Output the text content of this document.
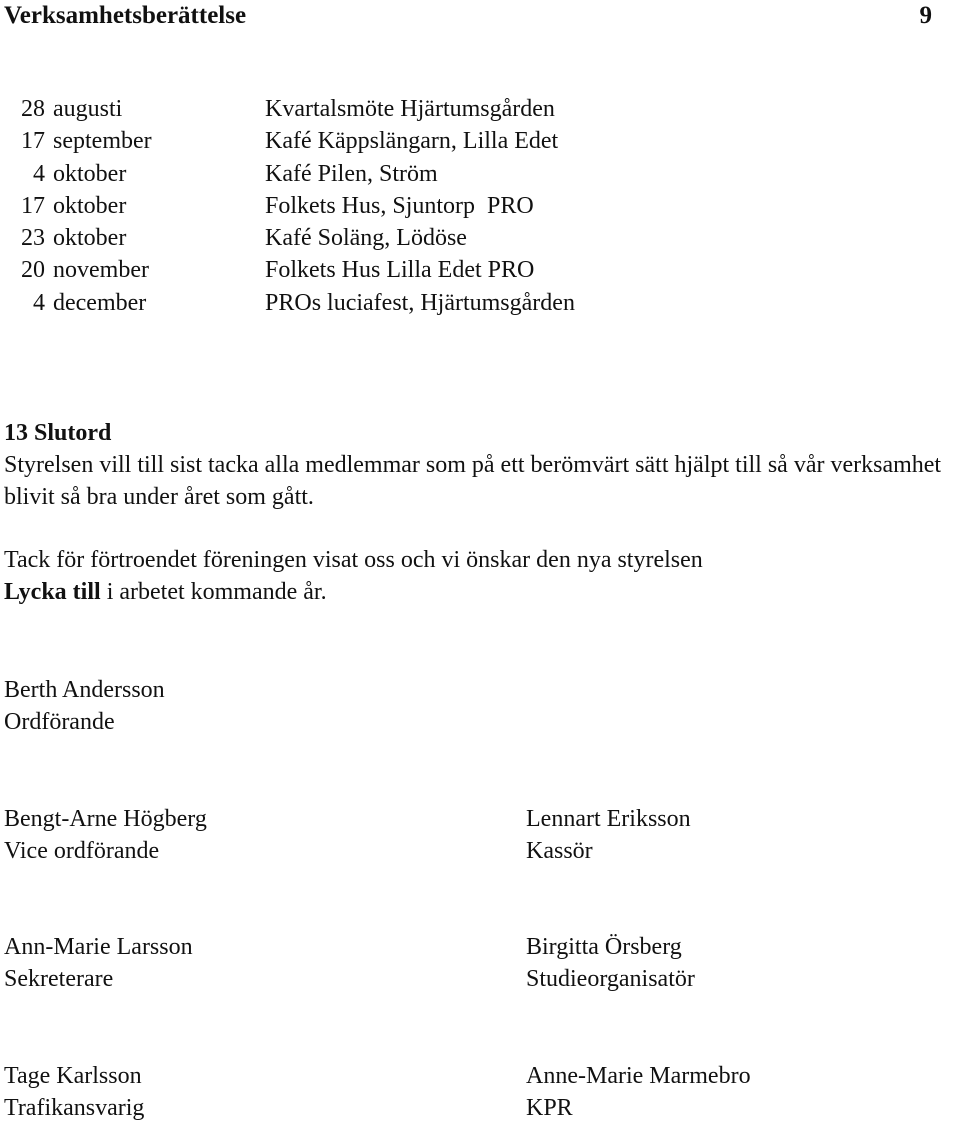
Verksamhetsberättelse	9
28 augusti	Kvartalsmöte Hjärtumsgården
17 september	Kafé Käppslängarn, Lilla Edet
4 oktober	Kafé Pilen, Ström
17 oktober	Folkets Hus, Sjuntorp  PRO
23 oktober	Kafé Soläng, Lödöse
20 november	Folkets Hus Lilla Edet PRO
4 december	PROs luciafest, Hjärtumsgården
13 Slutord

Styrelsen vill till sist tacka alla medlemmar som på ett berömvärt sätt hjälpt till så vår verksamhet blivit så bra under året som gått.

Tack för förtroendet föreningen visat oss och vi önskar den nya styrelsen

Lycka till i arbetet kommande år.

Berth Andersson
Ordförande
Bengt-Arne Högberg
Vice ordförande
Lennart Eriksson
Kassör
Ann-Marie Larsson
Sekreterare
Birgitta Örsberg
Studieorganisatör
Tage Karlsson
Trafikansvarig
Anne-Marie Marmebro
KPR
